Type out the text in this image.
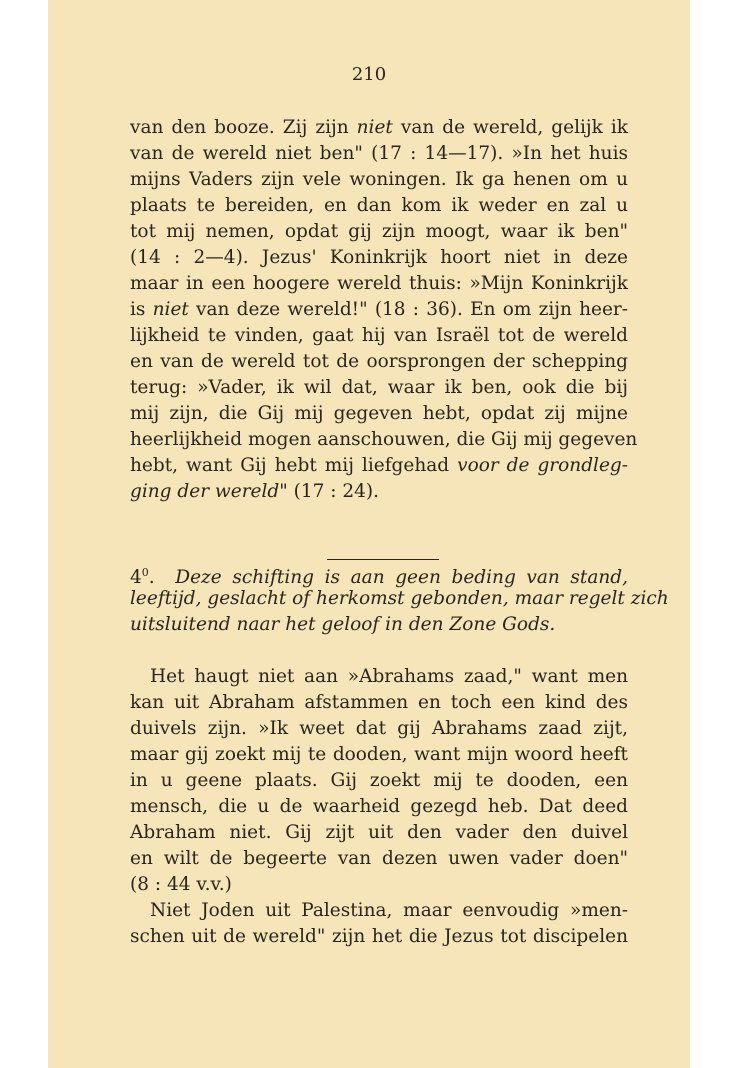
210
van den booze. Zij zijn niet van de wereld, gelijk ik
van de wereld niet ben" (17 : 14—17). »In het huis
mijns Vaders zijn vele woningen. Ik ga henen om u
plaats te bereiden, en dan kom ik weder en zal u
tot mij nemen, opdat gij zijn moogt, waar ik ben"
(14 : 2—4). Jezus' Koninkrijk hoort niet in deze
maar in een hoogere wereld thuis: »Mijn Koninkrijk
is niet van deze wereld!" (18 : 36). En om zijn heer-
lijkheid te vinden, gaat hij van Israël tot de wereld
en van de wereld tot de oorsprongen der schepping
terug: »Vader, ik wil dat, waar ik ben, ook die bij
mij zijn, die Gij mij gegeven hebt, opdat zij mijne
heerlijkheid mogen aanschouwen, die Gij mij gegeven
hebt, want Gij hebt mij liefgehad voor de grondleg-
ging der wereld" (17 : 24).
$4^0$. Deze schifting is aan geen beding van stand,
leeftijd, geslacht of herkomst gebonden, maar regelt zich
uitsluitend naar het geloof in den Zone Gods.
Het haugt niet aan »Abrahams zaad," want men
kan uit Abraham afstammen en toch een kind des
duivels zijn. »Ik weet dat gij Abrahams zaad zijt,
maar gij zoekt mij te dooden, want mijn woord heeft
in u geene plaats. Gij zoekt mij te dooden, een
mensch, die u de waarheid gezegd heb. Dat deed
Abraham niet. Gij zijt uit den vader den duivel
en wilt de begeerte van dezen uwen vader doen"
(8 : 44 v.v.)
Niet Joden uit Palestina, maar eenvoudig »men-
schen uit de wereld" zijn het die Jezus tot discipelen
